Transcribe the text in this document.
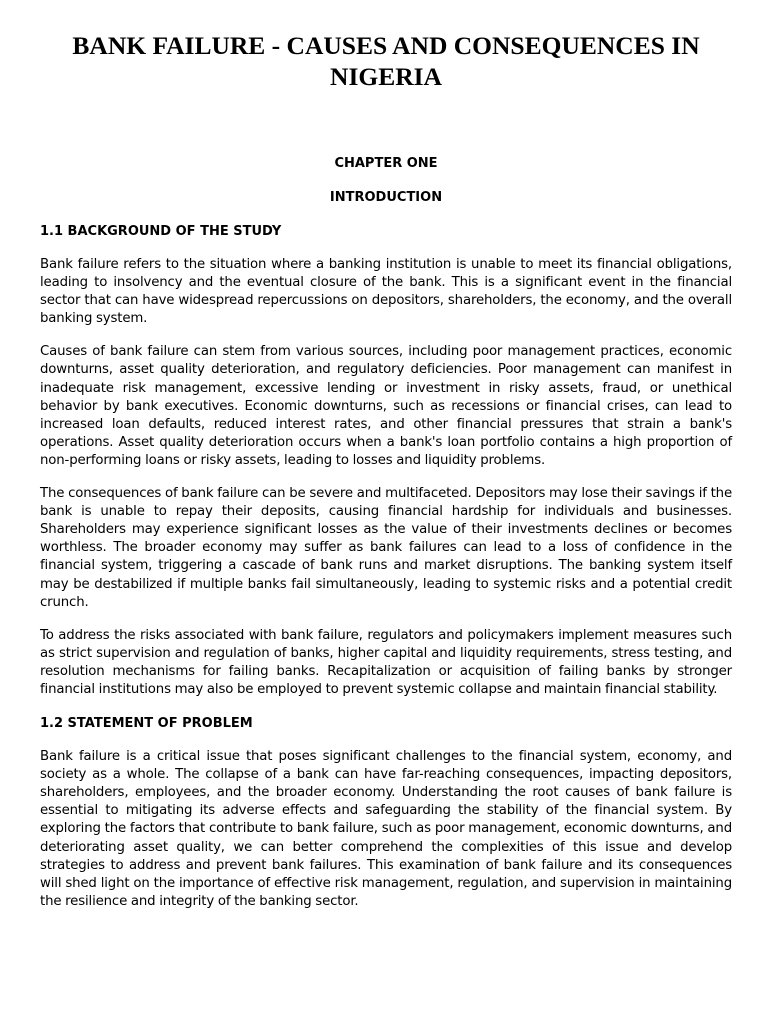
BANK FAILURE - CAUSES AND CONSEQUENCES IN NIGERIA

CHAPTER ONE

INTRODUCTION

1.1 BACKGROUND OF THE STUDY

Bank failure refers to the situation where a banking institution is unable to meet its financial obligations, leading to insolvency and the eventual closure of the bank. This is a significant event in the financial sector that can have widespread repercussions on depositors, shareholders, the economy, and the overall banking system.

Causes of bank failure can stem from various sources, including poor management practices, economic downturns, asset quality deterioration, and regulatory deficiencies. Poor management can manifest in inadequate risk management, excessive lending or investment in risky assets, fraud, or unethical behavior by bank executives. Economic downturns, such as recessions or financial crises, can lead to increased loan defaults, reduced interest rates, and other financial pressures that strain a bank's operations. Asset quality deterioration occurs when a bank's loan portfolio contains a high proportion of non-performing loans or risky assets, leading to losses and liquidity problems.

The consequences of bank failure can be severe and multifaceted. Depositors may lose their savings if the bank is unable to repay their deposits, causing financial hardship for individuals and businesses. Shareholders may experience significant losses as the value of their investments declines or becomes worthless. The broader economy may suffer as bank failures can lead to a loss of confidence in the financial system, triggering a cascade of bank runs and market disruptions. The banking system itself may be destabilized if multiple banks fail simultaneously, leading to systemic risks and a potential credit crunch.

To address the risks associated with bank failure, regulators and policymakers implement measures such as strict supervision and regulation of banks, higher capital and liquidity requirements, stress testing, and resolution mechanisms for failing banks. Recapitalization or acquisition of failing banks by stronger financial institutions may also be employed to prevent systemic collapse and maintain financial stability.

1.2 STATEMENT OF PROBLEM

Bank failure is a critical issue that poses significant challenges to the financial system, economy, and society as a whole. The collapse of a bank can have far-reaching consequences, impacting depositors, shareholders, employees, and the broader economy. Understanding the root causes of bank failure is essential to mitigating its adverse effects and safeguarding the stability of the financial system. By exploring the factors that contribute to bank failure, such as poor management, economic downturns, and deteriorating asset quality, we can better comprehend the complexities of this issue and develop strategies to address and prevent bank failures. This examination of bank failure and its consequences will shed light on the importance of effective risk management, regulation, and supervision in maintaining the resilience and integrity of the banking sector.
